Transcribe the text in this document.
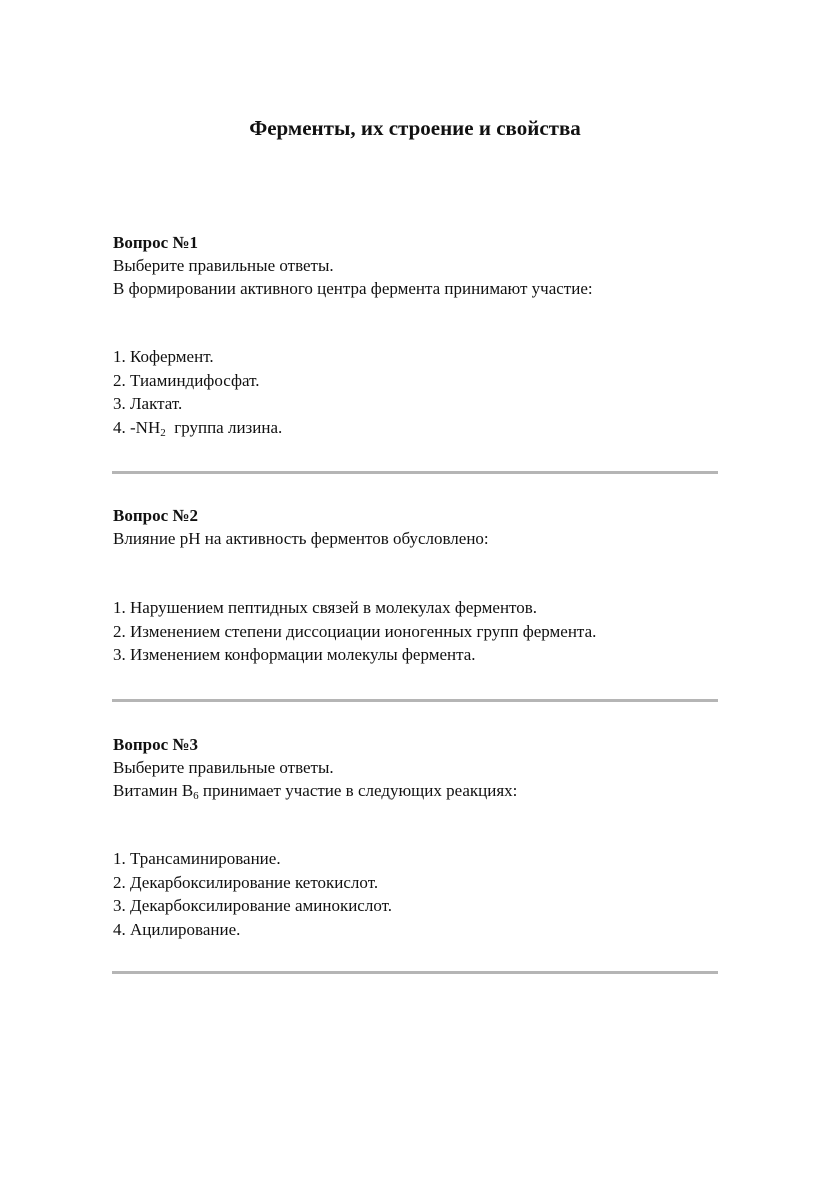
Ферменты, их строение и свойства
Вопрос №1
Выберите правильные ответы.
В формировании активного центра фермента принимают участие:
1. Кофермент.
2. Тиаминдифосфат.
3. Лактат.
4. $-NH_2$  группа лизина.
Вопрос №2
Влияние pH на активность ферментов обусловлено:
1. Нарушением пептидных связей в молекулах ферментов.
2. Изменением степени диссоциации ионогенных групп фермента.
3. Изменением конформации молекулы фермента.
Вопрос №3
Выберите правильные ответы.
Витамин $B_6$ принимает участие в следующих реакциях:
1. Трансаминирование.
2. Декарбоксилирование кетокислот.
3. Декарбоксилирование аминокислот.
4. Ацилирование.
